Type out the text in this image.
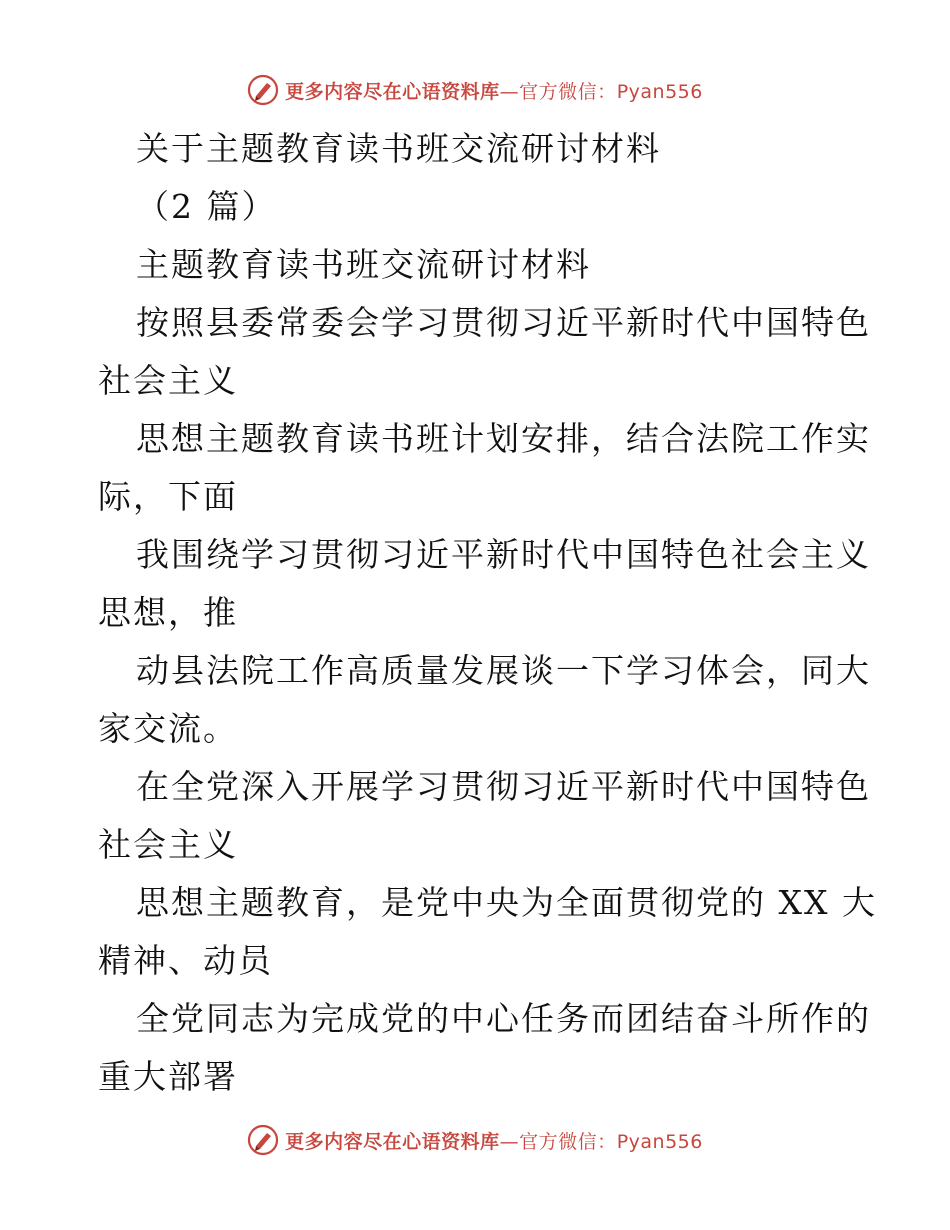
更多内容尽在心语资料库—官方微信：Pyan556
关于主题教育读书班交流研讨材料
（2 篇）
主题教育读书班交流研讨材料
按照县委常委会学习贯彻习近平新时代中国特色
社会主义
思想主题教育读书班计划安排，结合法院工作实
际，下面
我围绕学习贯彻习近平新时代中国特色社会主义
思想，推
动县法院工作高质量发展谈一下学习体会，同大
家交流。
在全党深入开展学习贯彻习近平新时代中国特色
社会主义
思想主题教育，是党中央为全面贯彻党的 XX 大
精神、动员
全党同志为完成党的中心任务而团结奋斗所作的
重大部署
更多内容尽在心语资料库—官方微信：Pyan556
